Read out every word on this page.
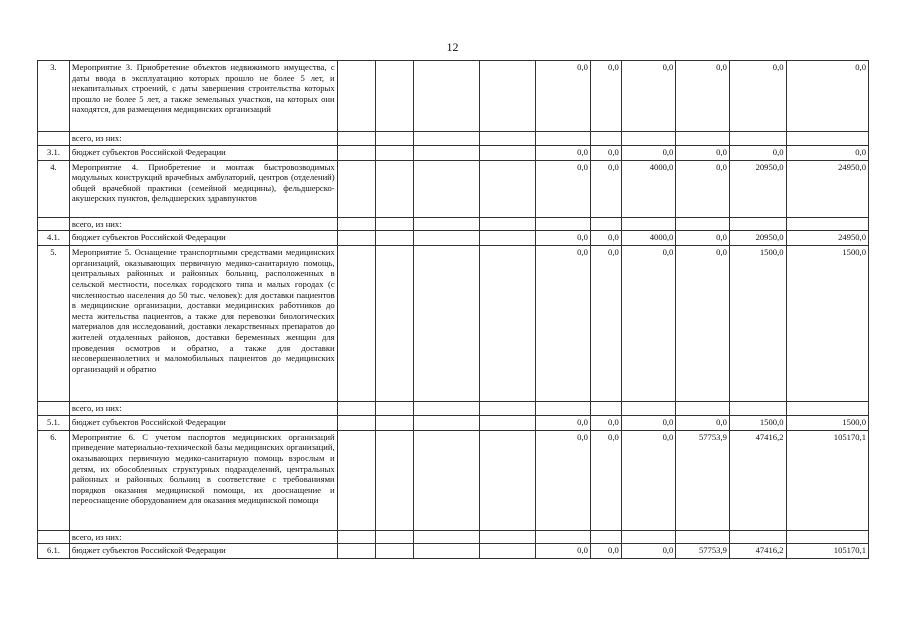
12
3.	Мероприятие 3. Приобретение объектов недвижимого имущества, с даты ввода в эксплуатацию которых прошло не более 5 лет, и некапитальных строений, с даты завершения строительства которых прошло не более 5 лет, а также земельных участков, на которых они находятся, для размещения медицинских организаций					0,0	0,0	0,0	0,0	0,0	0,0
	всего, из них:										
3.1.	бюджет субъектов Российской Федерации					0,0	0,0	0,0	0,0	0,0	0,0
4.	Мероприятие 4. Приобретение и монтаж быстровозводимых модульных конструкций врачебных амбулаторий, центров (отделений) общей врачебной практики (семейной медицины), фельдшерско-акушерских пунктов, фельдшерских здравпунктов					0,0	0,0	4000,0	0,0	20950,0	24950,0
	всего, из них:										
4.1.	бюджет субъектов Российской Федерации					0,0	0,0	4000,0	0,0	20950,0	24950,0
5.	Мероприятие 5. Оснащение транспортными средствами медицинских организаций, оказывающих первичную медико-санитарную помощь, центральных районных и районных больниц, расположенных в сельской местности, поселках городского типа и малых городах (с численностью населения до 50 тыс. человек): для доставки пациентов в медицинские организации, доставки медицинских работников до места жительства пациентов, а также для перевозки биологических материалов для исследований, доставки лекарственных препаратов до жителей отдаленных районов, доставки беременных женщин для проведения осмотров и обратно, а также для доставки несовершеннолетних и маломобильных пациентов до медицинских организаций и обратно					0,0	0,0	0,0	0,0	1500,0	1500,0
	всего, из них:										
5.1.	бюджет субъектов Российской Федерации					0,0	0,0	0,0	0,0	1500,0	1500,0
6.	Мероприятие 6. С учетом паспортов медицинских организаций приведение материально-технической базы медицинских организаций, оказывающих первичную медико-санитарную помощь взрослым и детям, их обособленных структурных подразделений, центральных районных и районных больниц в соответствие с требованиями порядков оказания медицинской помощи, их дооснащение и переоснащение оборудованием для оказания медицинской помощи					0,0	0,0	0,0	57753,9	47416,2	105170,1
	всего, из них:										
6.1.	бюджет субъектов Российской Федерации					0,0	0,0	0,0	57753,9	47416,2	105170,1
